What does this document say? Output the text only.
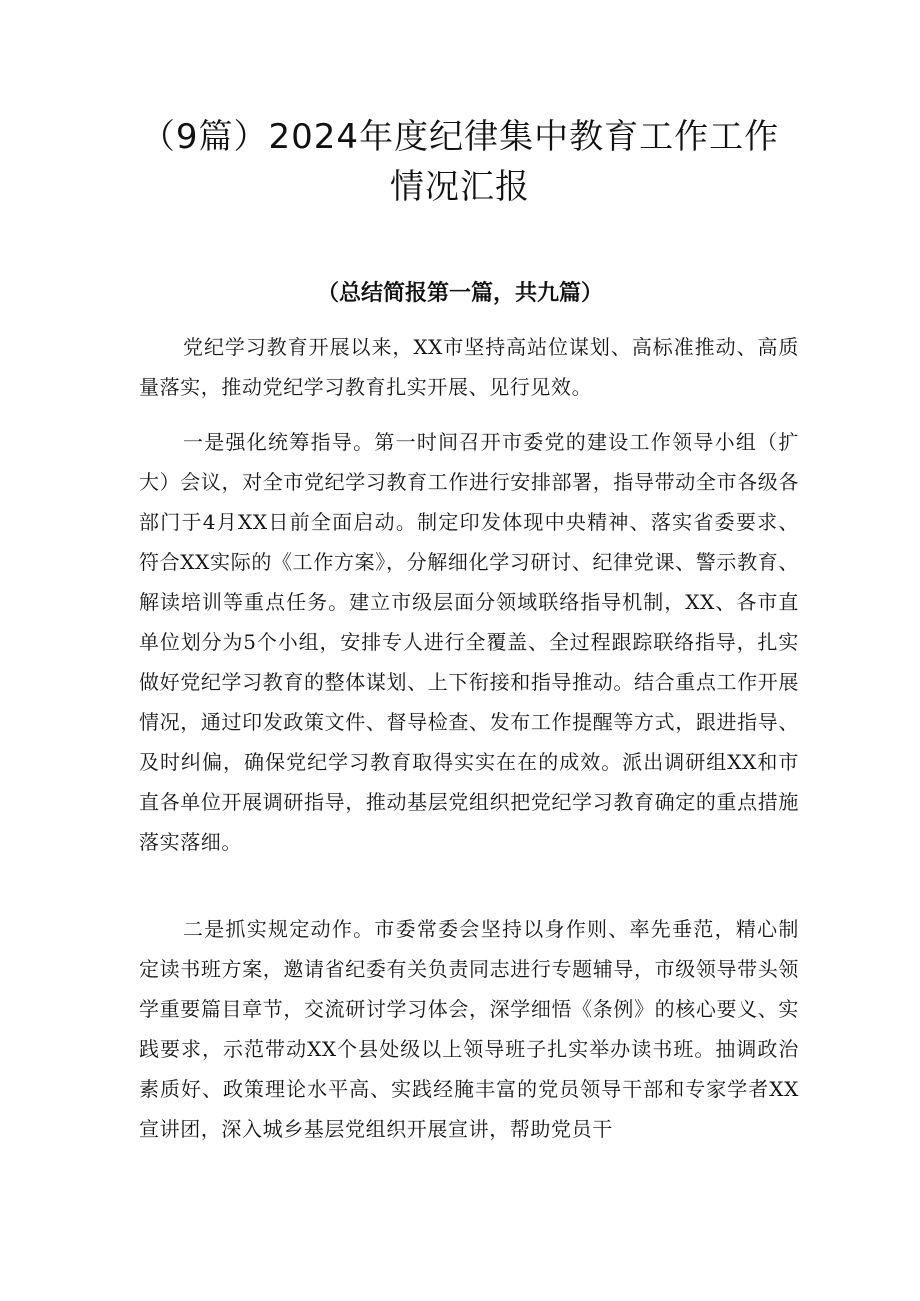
（9篇）2024年度纪律集中教育工作工作
情况汇报
（总结简报第一篇，共九篇）

党纪学习教育开展以来，XX市坚持高站位谋划、高标准推动、高质量落实，推动党纪学习教育扎实开展、见行见效。

一是强化统筹指导。第一时间召开市委党的建设工作领导小组（扩大）会议，对全市党纪学习教育工作进行安排部署，指导带动全市各级各部门于4月XX日前全面启动。制定印发体现中央精神、落实省委要求、符合XX实际的《工作方案》，分解细化学习研讨、纪律党课、警示教育、解读培训等重点任务。建立市级层面分领域联络指导机制，XX、各市直单位划分为5个小组，安排专人进行全覆盖、全过程跟踪联络指导，扎实做好党纪学习教育的整体谋划、上下衔接和指导推动。结合重点工作开展情况，通过印发政策文件、督导检查、发布工作提醒等方式，跟进指导、及时纠偏，确保党纪学习教育取得实实在在的成效。派出调研组XX和市直各单位开展调研指导，推动基层党组织把党纪学习教育确定的重点措施落实落细。

二是抓实规定动作。市委常委会坚持以身作则、率先垂范，精心制定读书班方案，邀请省纪委有关负责同志进行专题辅导，市级领导带头领学重要篇目章节，交流研讨学习体会，深学细悟《条例》的核心要义、实践要求，示范带动XX个县处级以上领导班子扎实举办读书班。抽调政治素质好、政策理论水平高、实践经腌丰富的党员领导干部和专家学者XX宣讲团，深入城乡基层党组织开展宣讲，帮助党员干
